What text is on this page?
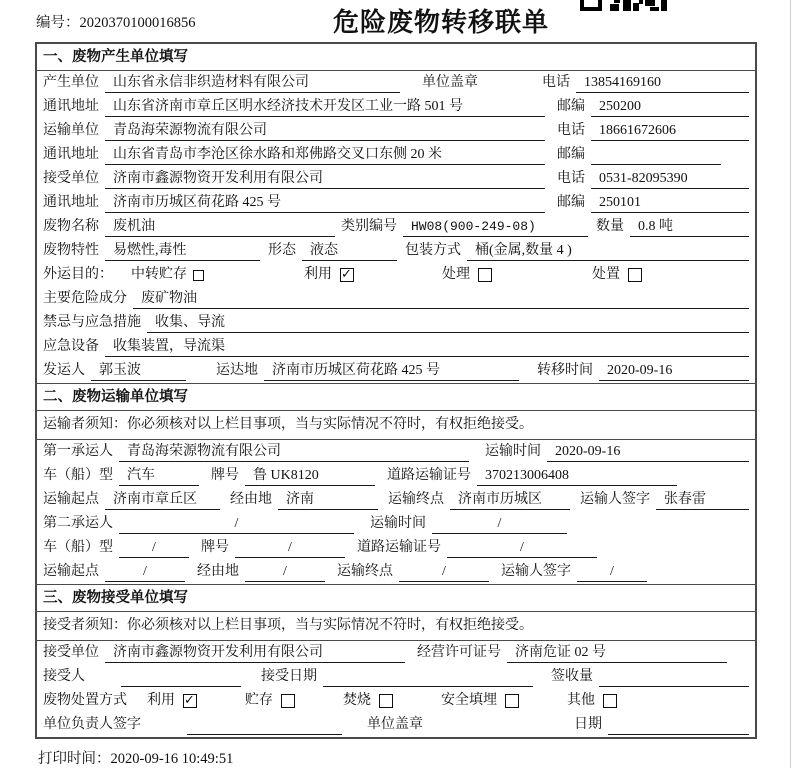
编号：2020370100016856	危险废物转移联单
一、废物产生单位填写
产生单位	山东省永信非织造材料有限公司	单位盖章	电话	13854169160
通讯地址	山东省济南市章丘区明水经济技术开发区工业一路 501 号	邮编	250200
运输单位	青岛海荣源物流有限公司	电话	18661672606
通讯地址	山东省青岛市李沧区徐水路和郑佛路交叉口东侧 20 米	邮编
接受单位	济南市鑫源物资开发利用有限公司	电话	0531-82095390
通讯地址	济南市历城区荷花路 425 号	邮编	250101
废物名称	废机油	类别编号	HW08(900-249-08)	数量	0.8 吨
废物特性	易燃性,毒性	形态	液态	包装方式	桶(金属,数量 4 )
外运目的： 中转贮存	利用 ✓	处理	处置
主要危险成分	废矿物油
禁忌与应急措施	收集、导流
应急设备	收集装置，导流渠
发运人	郭玉波	运达地	济南市历城区荷花路 425 号	转移时间	2020-09-16
二、废物运输单位填写
运输者须知：你必须核对以上栏目事项，当与实际情况不符时，有权拒绝接受。
第一承运人	青岛海荣源物流有限公司	运输时间	2020-09-16
车（船）型	汽车	牌号	鲁 UK8120	道路运输证号	370213006408
运输起点	济南市章丘区	经由地	济南	运输终点	济南市历城区	运输人签字	张春雷
第二承运人	/	运输时间	/
车（船）型	/	牌号	/	道路运输证号	/
运输起点	/	经由地	/	运输终点	/	运输人签字	/
三、废物接受单位填写
接受者须知：你必须核对以上栏目事项，当与实际情况不符时，有权拒绝接受。
接受单位	济南市鑫源物资开发利用有限公司	经营许可证号	济南危证 02 号
接受人	接受日期	签收量
废物处置方式 利用 ✓	贮存	焚烧	安全填埋	其他
单位负责人签字	单位盖章	日期
打印时间：2020-09-16 10:49:51
